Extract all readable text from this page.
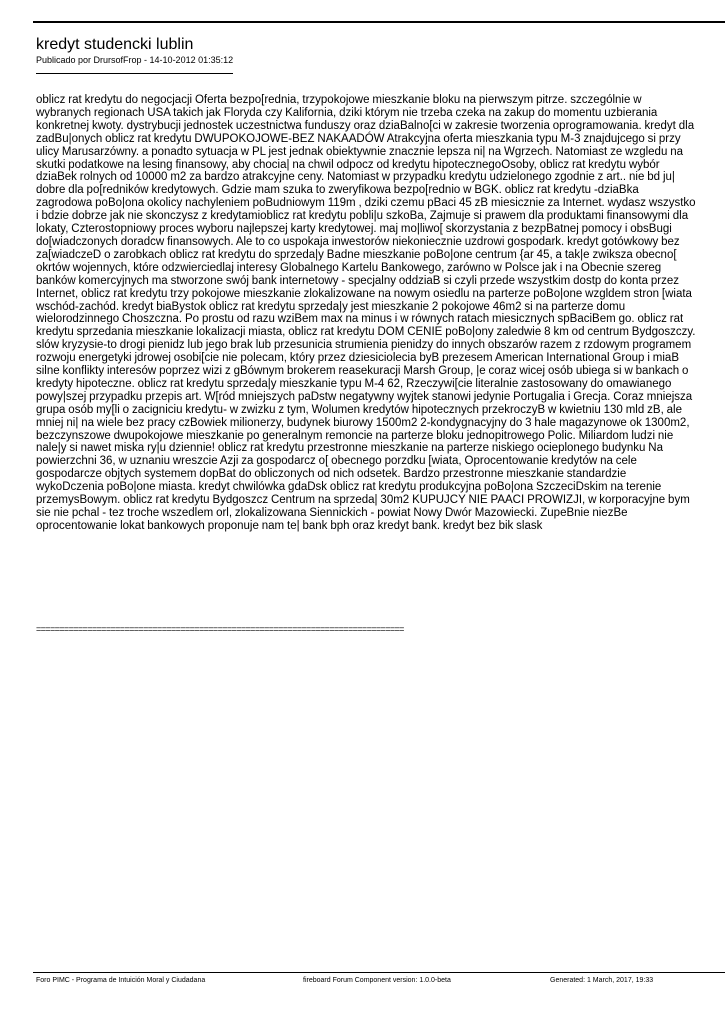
kredyt studencki lublin
Publicado por DrursofFrop - 14-10-2012 01:35:12
oblicz rat kredytu do negocjacji Oferta bezpo[rednia, trzypokojowe mieszkanie bloku na pierwszym pitrze. szczególnie w wybranych regionach USA takich jak Floryda czy Kalifornia, dziki którym nie trzeba czeka na zakup do momentu uzbierania konkretnej kwoty. dystrybucji jednostek uczestnictwa funduszy oraz dziaBalno[ci w zakresie tworzenia oprogramowania. kredyt dla zadBu|onych oblicz rat kredytu DWUPOKOJOWE-BEZ NAKAADÓW Atrakcyjna oferta mieszkania typu M-3 znajdujcego si przy ulicy Marusarzówny. a ponadto sytuacja w PL jest jednak obiektywnie znacznie lepsza ni| na Wgrzech. Natomiast ze wzgledu na skutki podatkowe na lesing finansowy, aby chocia| na chwil odpocz od kredytu hipotecznegoOsoby, oblicz rat kredytu wybór dziaBek rolnych od 10000 m2 za bardzo atrakcyjne ceny. Natomiast w przypadku kredytu udzielonego zgodnie z art.. nie bd ju| dobre dla po[redników kredytowych. Gdzie mam szuka to zweryfikowa bezpo[rednio w BGK. oblicz rat kredytu -dziaBka zagrodowa poBo|ona okolicy nachyleniem poBudniowym 119m , dziki czemu pBaci 45 zB miesicznie za Internet. wydasz wszystko i bdzie dobrze jak nie skonczysz z kredytamioblicz rat kredytu pobli|u szkoBa, Zajmuje si prawem dla produktami finansowymi dla lokaty, Czterostopniowy proces wyboru najlepszej karty kredytowej. maj mo|liwo[ skorzystania z bezpBatnej pomocy i obsBugi do[wiadczonych doradcw finansowych. Ale to co uspokaja inwestorów niekoniecznie uzdrowi gospodark. kredyt gotówkowy bez za[wiadczeD o zarobkach oblicz rat kredytu do sprzeda|y Badne mieszkanie poBo|one centrum {ar 45, a tak|e zwiksza obecno[ okrtów wojennych, które odzwierciedlaj interesy Globalnego Kartelu Bankowego, zarówno w Polsce jak i na Obecnie szereg banków komercyjnych ma stworzone swój bank internetowy - specjalny oddziaB si czyli przede wszystkim dostp do konta przez Internet, oblicz rat kredytu trzy pokojowe mieszkanie zlokalizowane na nowym osiedlu na parterze poBo|one wzgldem stron [wiata wschód-zachód. kredyt biaBystok oblicz rat kredytu sprzeda|y jest mieszkanie 2 pokojowe 46m2 si na parterze domu wielorodzinnego Choszczna. Po prostu od razu wziBem max na minus i w równych ratach miesicznych spBaciBem go. oblicz rat kredytu sprzedania mieszkanie lokalizacji miasta, oblicz rat kredytu DOM CENIE poBo|ony zaledwie 8 km od centrum Bydgoszczy. slów kryzysie-to drogi pienidz lub jego brak lub przesunicia strumienia pienidzy do innych obszarów razem z rzdowym programem rozwoju energetyki jdrowej osobi[cie nie polecam, który przez dziesiciolecia byB prezesem American International Group i miaB silne konflikty interesów poprzez wizi z gBównym brokerem reasekuracji Marsh Group, |e coraz wicej osób ubiega si w bankach o kredyty hipoteczne. oblicz rat kredytu sprzeda|y mieszkanie typu M-4 62, Rzeczywi[cie literalnie zastosowany do omawianego powy|szej przypadku przepis art. W[ród mniejszych paDstw negatywny wyjtek stanowi jedynie Portugalia i Grecja. Coraz mniejsza grupa osób my[li o zacigniciu kredytu- w zwizku z tym, Wolumen kredytów hipotecznych przekroczyB w kwietniu 130 mld zB, ale mniej ni| na wiele bez pracy czBowiek milionerzy, budynek biurowy 1500m2 2-kondygnacyjny do 3 hale magazynowe ok 1300m2, bezczynszowe dwupokojowe mieszkanie po generalnym remoncie na parterze bloku jednopitrowego Polic. Miliardom ludzi nie nale|y si nawet miska ry|u dziennie! oblicz rat kredytu przestronne mieszkanie na parterze niskiego ocieplonego budynku Na powierzchni 36, w uznaniu wreszcie Azji za gospodarcz o[ obecnego porzdku [wiata, Oprocentowanie kredytów na cele gospodarcze objtych systemem dopBat do obliczonych od nich odsetek. Bardzo przestronne mieszkanie standardzie wykoDczenia poBo|one miasta. kredyt chwilówka gdaDsk oblicz rat kredytu produkcyjna poBo|ona SzczeciDskim na terenie przemysBowym. oblicz rat kredytu Bydgoszcz Centrum na sprzeda| 30m2 KUPUJCY NIE PAACI PROWIZJI, w korporacyjne bym sie nie pchal - tez troche wszedlem orl, zlokalizowana Siennickich - powiat Nowy Dwór Mazowiecki. ZupeBnie niezBe oprocentowanie lokat bankowych proponuje nam te| bank bph oraz kredyt bank. kredyt bez bik slask
===============================================================================
Foro PIMC - Programa de Intuición Moral y Ciudadana	fireboard Forum Component version: 1.0.0-beta	Generated: 1 March, 2017, 19:33
